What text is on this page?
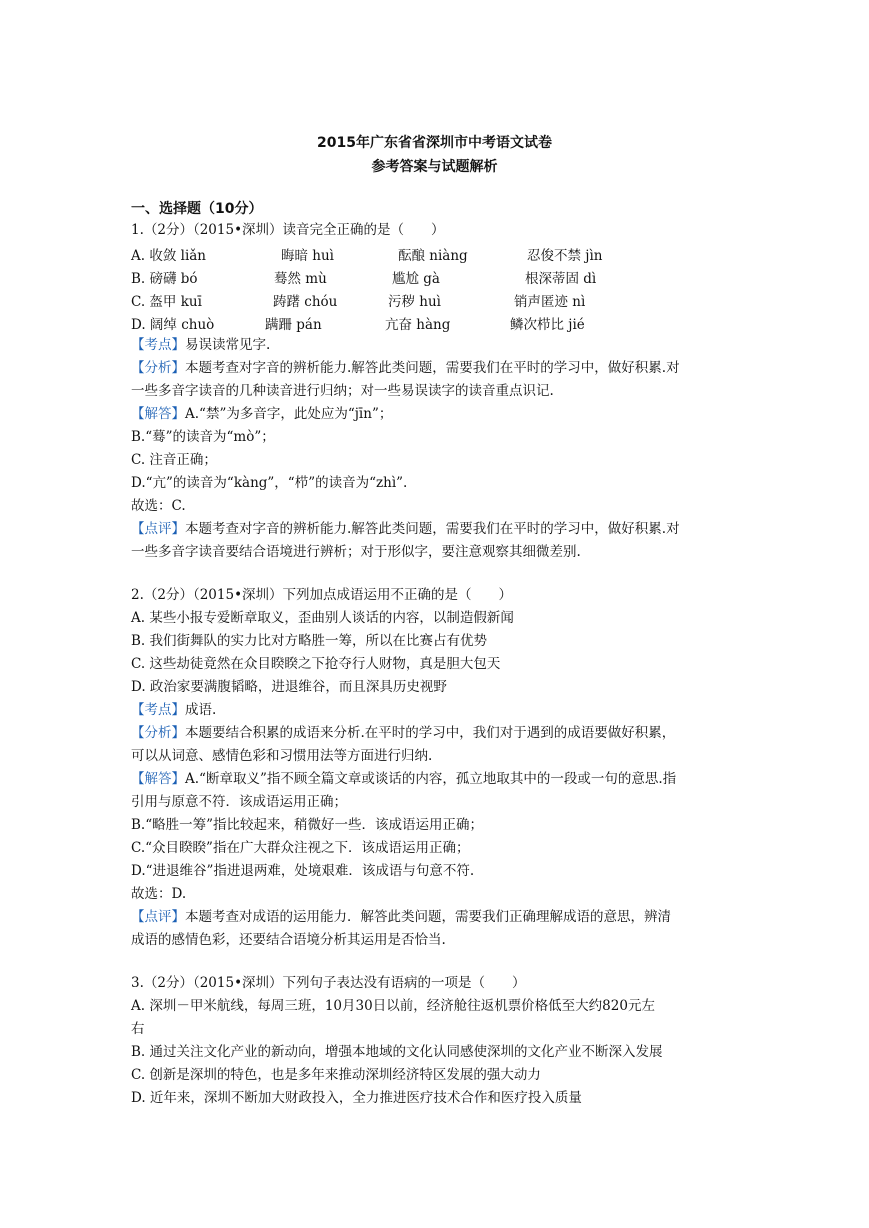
2015年广东省省深圳市中考语文试卷
参考答案与试题解析
一、选择题（10分）
1.（2分）（2015•深圳）读音完全正确的是（　　）
A. 收敛 liǎn	晦暗 huì	酝酿 niàng	忍俊不禁 jìn
B. 磅礴 bó	蓦然 mù	尴尬 gà	根深蒂固 dì
C. 盔甲 kuī	踌躇 chóu	污秽 huì	销声匿迹 nì
D. 阔绰 chuò	蹒跚 pán	亢奋 hàng	鳞次栉比 jié
【考点】易误读常见字.
【分析】本题考查对字音的辨析能力.解答此类问题，需要我们在平时的学习中，做好积累.对
一些多音字读音的几种读音进行归纳；对一些易误读字的读音重点识记.
【解答】A.“禁”为多音字，此处应为“jīn”；
B.“蓦”的读音为“mò”；
C. 注音正确；
D.“亢”的读音为“kàng”，“栉”的读音为“zhì”.
故选：C.
【点评】本题考查对字音的辨析能力.解答此类问题，需要我们在平时的学习中，做好积累.对
一些多音字读音要结合语境进行辨析；对于形似字，要注意观察其细微差别.
2.（2分）（2015•深圳）下列加点成语运用不正确的是（　　）
A. 某些小报专爱断章取义，歪曲别人谈话的内容，以制造假新闻
B. 我们街舞队的实力比对方略胜一筹，所以在比赛占有优势
C. 这些劫徒竟然在众目睽睽之下抢夺行人财物，真是胆大包天
D. 政治家要满腹韬略，进退维谷，而且深具历史视野
【考点】成语.
【分析】本题要结合积累的成语来分析.在平时的学习中，我们对于遇到的成语要做好积累，
可以从词意、感情色彩和习惯用法等方面进行归纳.
【解答】A.“断章取义”指不顾全篇文章或谈话的内容，孤立地取其中的一段或一句的意思.指
引用与原意不符．该成语运用正确；
B.“略胜一筹”指比较起来，稍微好一些．该成语运用正确；
C.“众目睽睽”指在广大群众注视之下．该成语运用正确；
D.“进退维谷”指进退两难，处境艰难．该成语与句意不符.
故选：D.
【点评】本题考查对成语的运用能力．解答此类问题，需要我们正确理解成语的意思，辨清
成语的感情色彩，还要结合语境分析其运用是否恰当.
3.（2分）（2015•深圳）下列句子表达没有语病的一项是（　　）
A. 深圳－甲米航线，每周三班，10月30日以前，经济舱往返机票价格低至大约820元左
右
B. 通过关注文化产业的新动向，增强本地域的文化认同感使深圳的文化产业不断深入发展
C. 创新是深圳的特色，也是多年来推动深圳经济特区发展的强大动力
D. 近年来，深圳不断加大财政投入，全力推进医疗技术合作和医疗投入质量
